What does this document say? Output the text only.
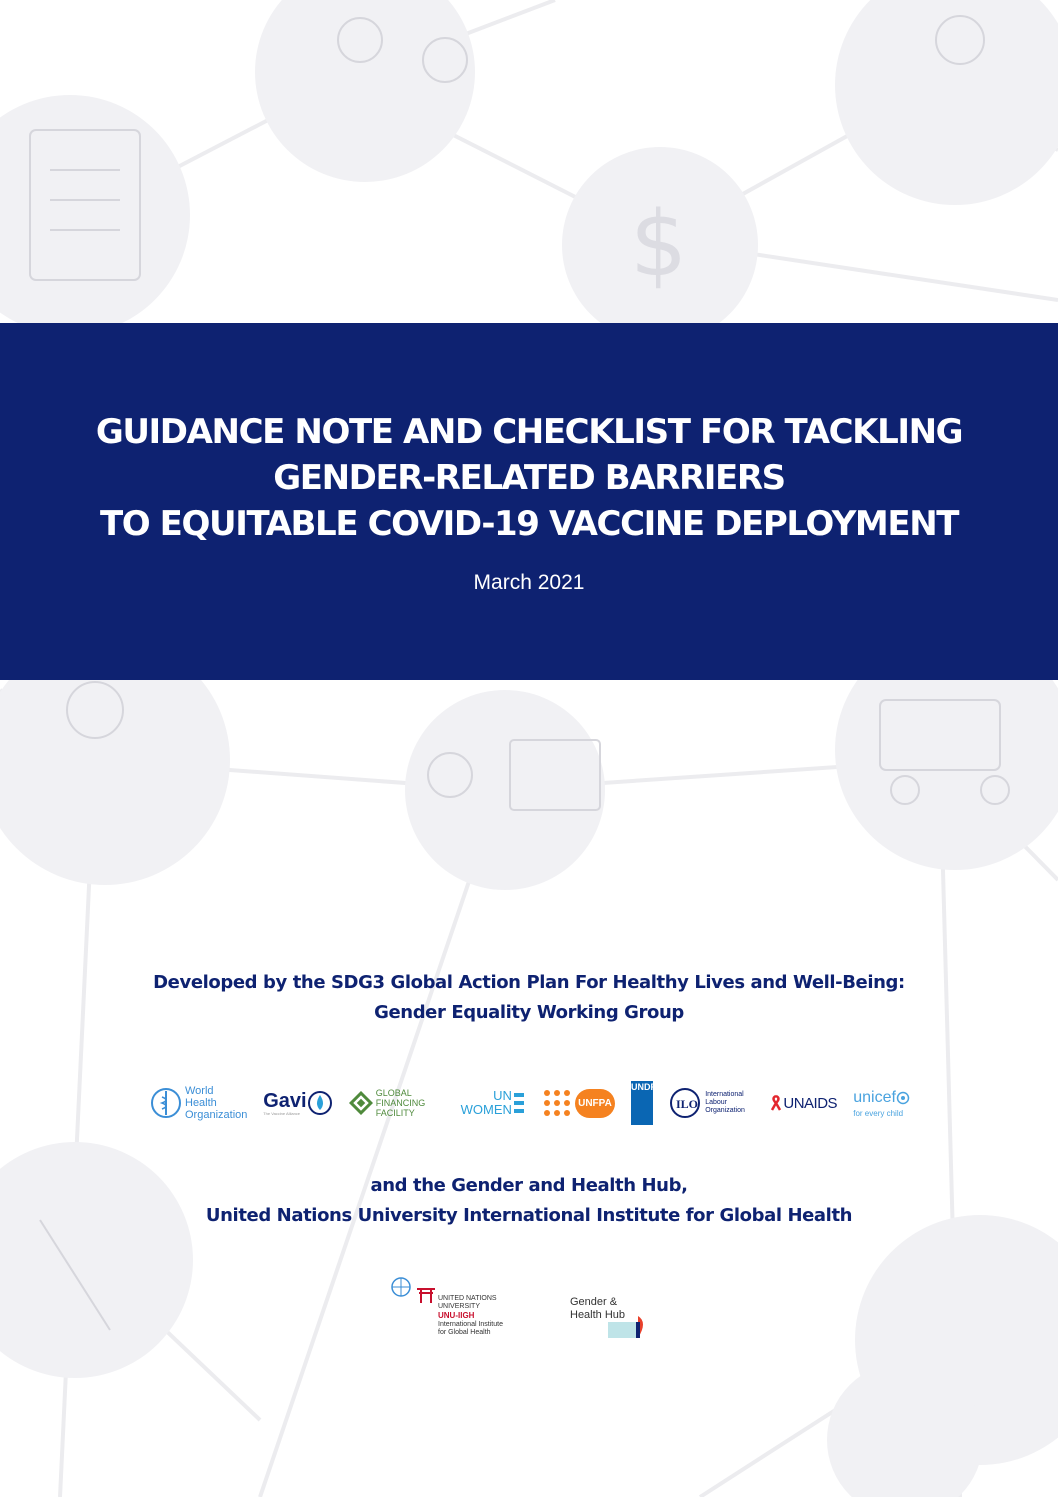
$
GUIDANCE NOTE AND CHECKLIST FOR TACKLING
GENDER-RELATED BARRIERS
TO EQUITABLE COVID-19 VACCINE DEPLOYMENT
March 2021
Developed by the SDG3 Global Action Plan For Healthy Lives and Well-Being:
Gender Equality Working Group
World Health Organization
Gavi
The Vaccine Alliance
GLOBAL FINANCING FACILITY
UN WOMEN	UNFPA
UNDP
ILO
International Labour Organization	UNAIDS unicef
for every child
and the Gender and Health Hub,
United Nations University International Institute for Global Health
UNITED NATIONS
UNIVERSITY
UNU-IIGH
International Institute
for Global Health
Gender &
Health Hub
